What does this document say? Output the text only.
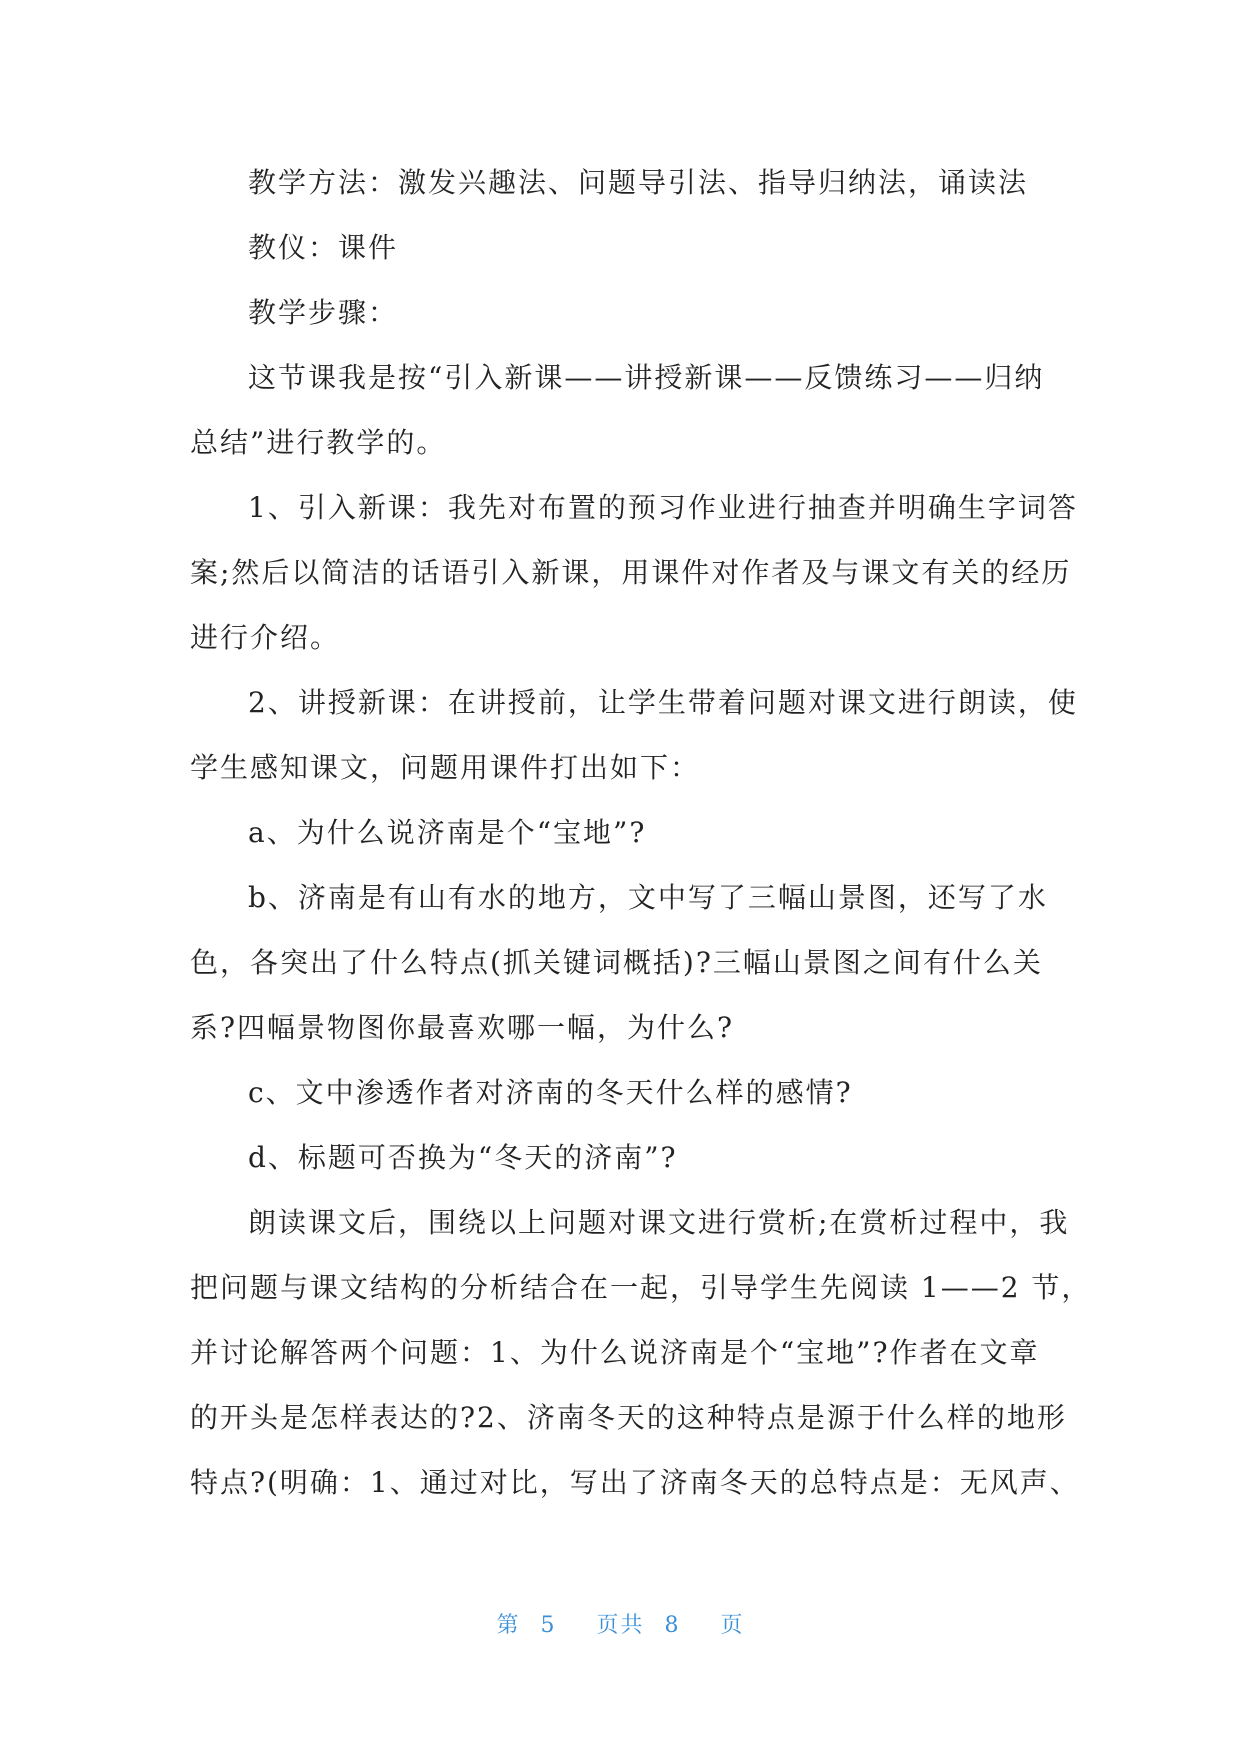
教学方法：激发兴趣法、问题导引法、指导归纳法，诵读法
教仪：课件
教学步骤：
这节课我是按“引入新课——讲授新课——反馈练习——归纳
总结”进行教学的。
1、引入新课：我先对布置的预习作业进行抽查并明确生字词答
案;然后以简洁的话语引入新课，用课件对作者及与课文有关的经历
进行介绍。
2、讲授新课：在讲授前，让学生带着问题对课文进行朗读，使
学生感知课文，问题用课件打出如下：
a、为什么说济南是个“宝地”?
b、济南是有山有水的地方，文中写了三幅山景图，还写了水
色，各突出了什么特点(抓关键词概括)?三幅山景图之间有什么关
系?四幅景物图你最喜欢哪一幅，为什么?
c、文中渗透作者对济南的冬天什么样的感情?
d、标题可否换为“冬天的济南”?
朗读课文后，围绕以上问题对课文进行赏析;在赏析过程中，我
把问题与课文结构的分析结合在一起，引导学生先阅读 1——2 节，
并讨论解答两个问题：1、为什么说济南是个“宝地”?作者在文章
的开头是怎样表达的?2、济南冬天的这种特点是源于什么样的地形
特点?(明确：1、通过对比，写出了济南冬天的总特点是：无风声、
第 5 页共 8 页
